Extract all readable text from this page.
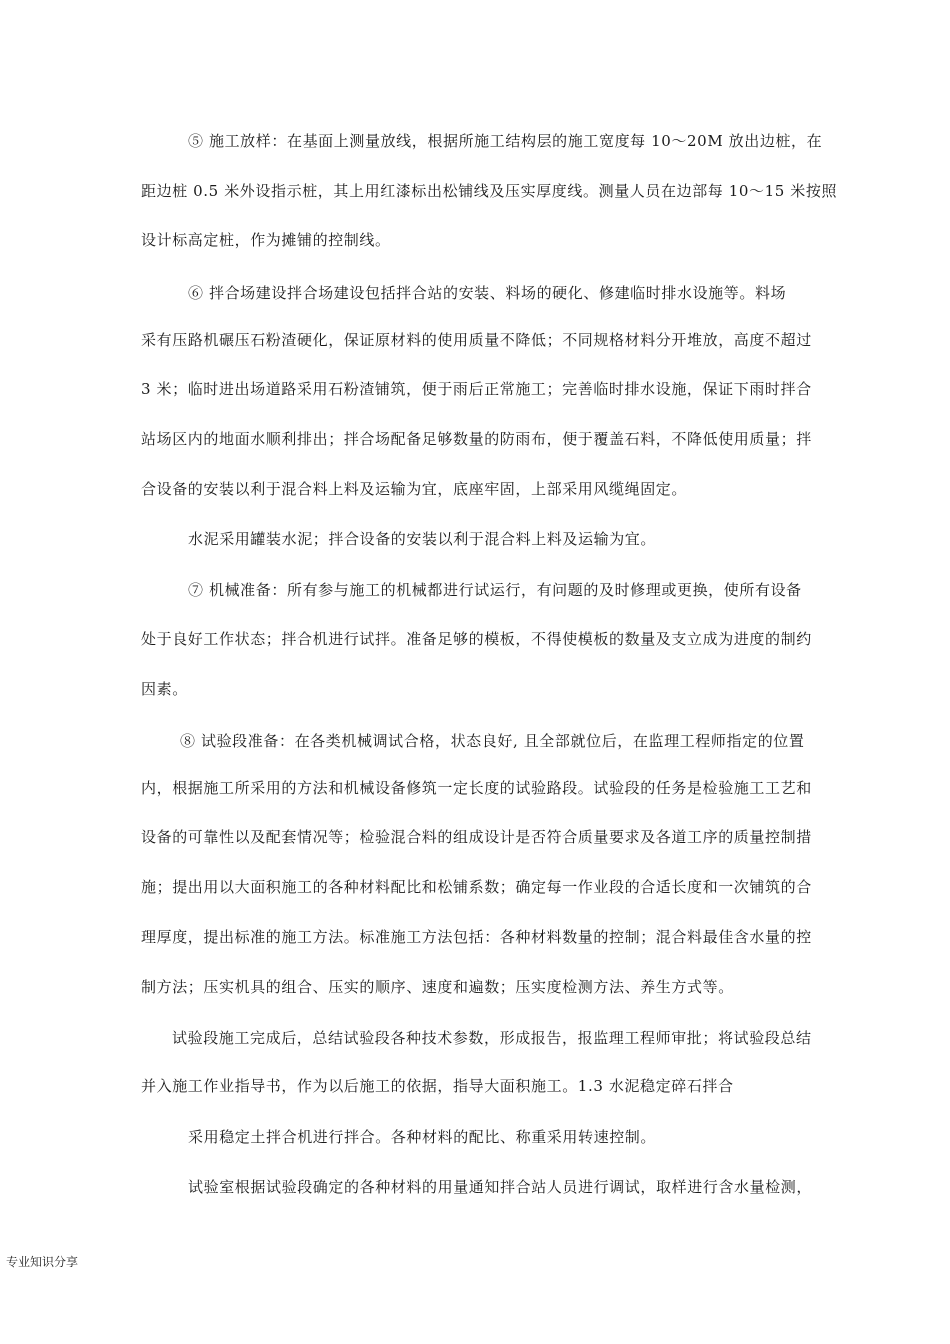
⑤ 施工放样：在基面上测量放线，根据所施工结构层的施工宽度每 10～20M 放出边桩，在
距边桩 0.5 米外设指示桩，其上用红漆标出松铺线及压实厚度线。测量人员在边部每 10～15 米按照
设计标高定桩，作为摊铺的控制线。
⑥ 拌合场建设拌合场建设包括拌合站的安装、料场的硬化、修建临时排水设施等。料场
采有压路机碾压石粉渣硬化，保证原材料的使用质量不降低；不同规格材料分开堆放，高度不超过
3 米；临时进出场道路采用石粉渣铺筑，便于雨后正常施工；完善临时排水设施，保证下雨时拌合
站场区内的地面水顺利排出；拌合场配备足够数量的防雨布，便于覆盖石料，不降低使用质量；拌
合设备的安装以利于混合料上料及运输为宜，底座牢固，上部采用风缆绳固定。
水泥采用罐装水泥；拌合设备的安装以利于混合料上料及运输为宜。
⑦ 机械准备：所有参与施工的机械都进行试运行，有问题的及时修理或更换，使所有设备
处于良好工作状态；拌合机进行试拌。准备足够的模板，不得使模板的数量及支立成为进度的制约
因素。
⑧ 试验段准备：在各类机械调试合格，状态良好, 且全部就位后，在监理工程师指定的位置
内，根据施工所采用的方法和机械设备修筑一定长度的试验路段。试验段的任务是检验施工工艺和
设备的可靠性以及配套情况等；检验混合料的组成设计是否符合质量要求及各道工序的质量控制措
施；提出用以大面积施工的各种材料配比和松铺系数；确定每一作业段的合适长度和一次铺筑的合
理厚度，提出标准的施工方法。标准施工方法包括：各种材料数量的控制；混合料最佳含水量的控
制方法；压实机具的组合、压实的顺序、速度和遍数；压实度检测方法、养生方式等。
试验段施工完成后，总结试验段各种技术参数，形成报告，报监理工程师审批；将试验段总结
并入施工作业指导书，作为以后施工的依据，指导大面积施工。1.3 水泥稳定碎石拌合
采用稳定土拌合机进行拌合。各种材料的配比、称重采用转速控制。
试验室根据试验段确定的各种材料的用量通知拌合站人员进行调试，取样进行含水量检测，
专业知识分享
